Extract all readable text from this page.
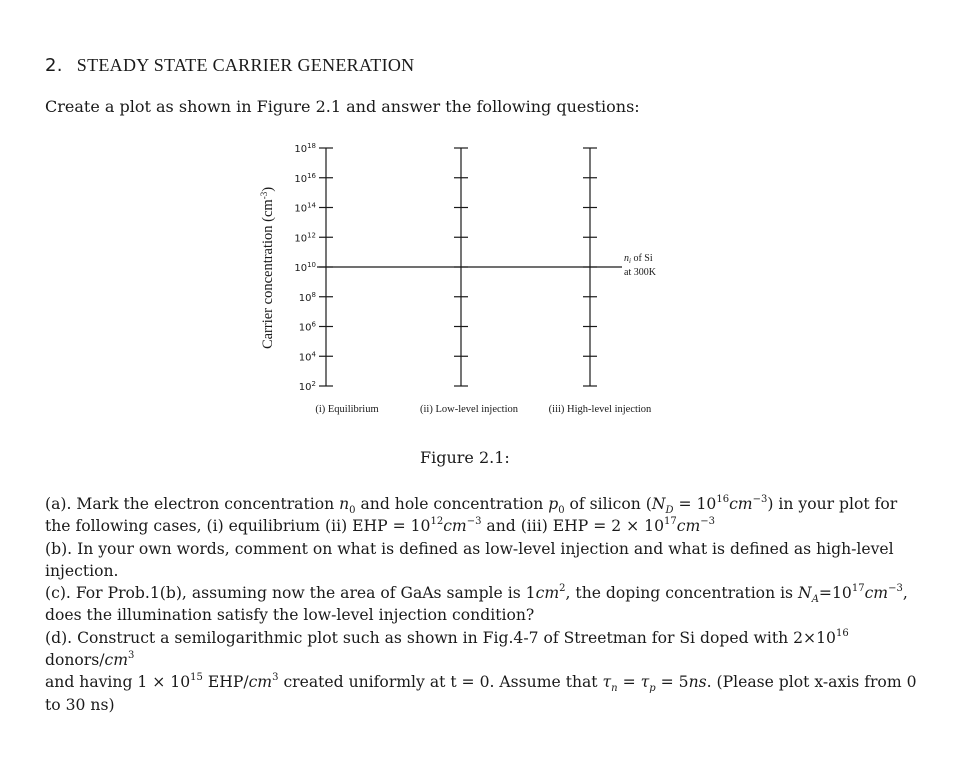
2. STEADY STATE CARRIER GENERATION
Create a plot as shown in Figure 2.1 and answer the following questions:
Carrier concentration $(cm^{-3})$
$10^{18}$
$10^{16}$
$10^{14}$
$10^{12}$
$10^{10}$
$10^8$
$10^6$
$10^4$
$10^2$
$n_i$ of Si
at 300K
(i) Equilibrium	(ii) Low-level injection	(iii) High-level injection
Figure 2.1:

(a). Mark the electron concentration $n_0$ and hole concentration $p_0$ of silicon $(N_D = 10^{16}cm^{-3})$ in your plot for
the following cases, (i) equilibrium (ii) EHP = $10^{12}cm^{-3}$ and (iii) EHP = $2 \times 10^{17}cm^{-3}$

(b). In your own words, comment on what is defined as low-level injection and what is defined as high-level injection.

(c). For Prob.1(b), assuming now the area of GaAs sample is $1cm^2$, the doping concentration is $N_A=10^{17}cm^{-3}$,
does the illumination satisfy the low-level injection condition?

(d). Construct a semilogarithmic plot such as shown in Fig.4-7 of Streetman for Si doped with $2\times 10^{16}$ donors/$cm^3$
and having $1 \times 10^{15}$ EHP/$cm^3$ created uniformly at t = 0. Assume that $\tau_n = \tau_p = 5ns$. (Please plot x-axis from 0
to 30 ns)
